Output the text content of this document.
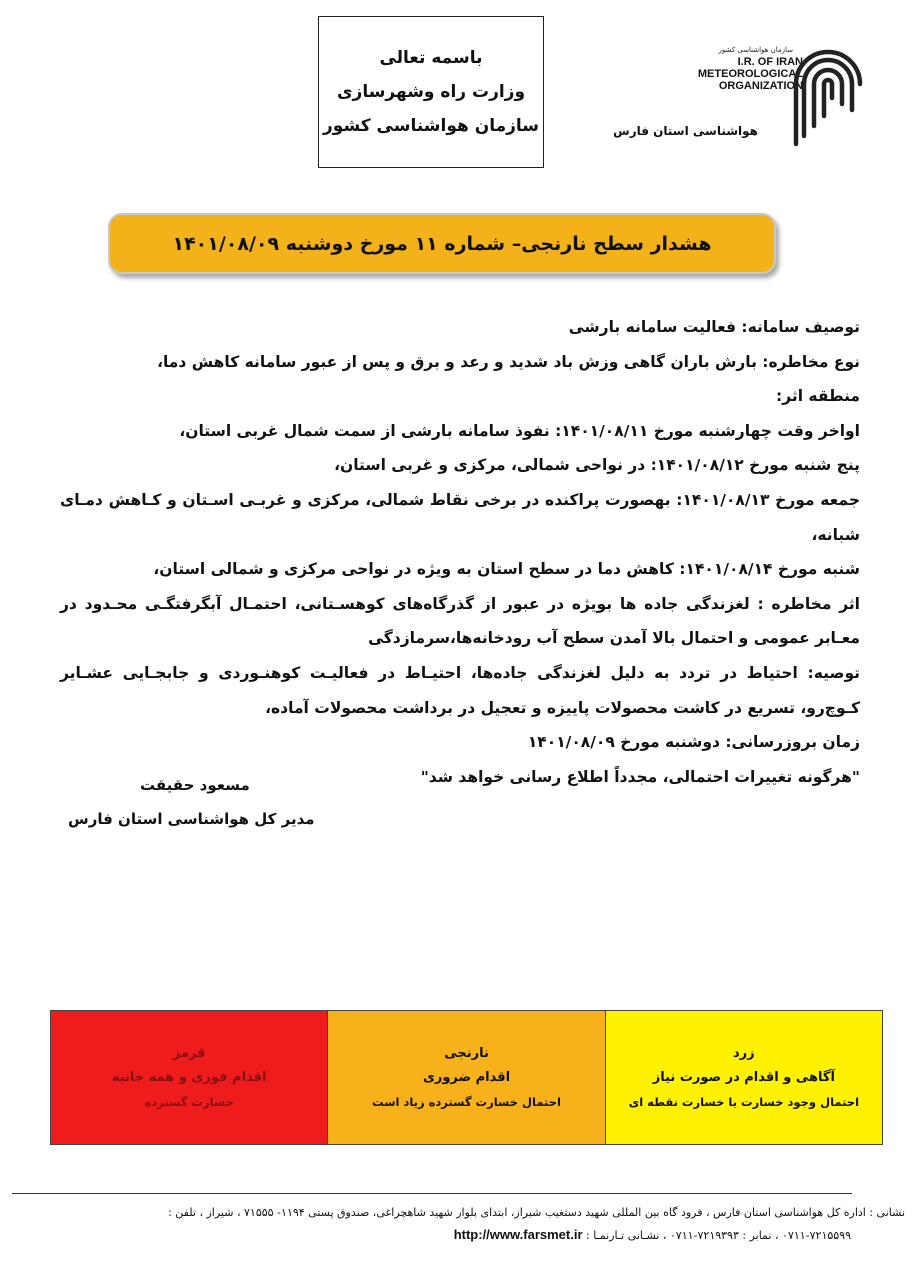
باسمه تعالی
وزارت راه وشهرسازی
سازمان هواشناسی کشور
سازمان هواشناسی کشور
I.R. OF IRAN
METEOROLOGICAL
ORGANIZATION
هواشناسی استان فارس
هشدار سطح نارنجی– شماره ۱۱ مورخ دوشنبه ۱۴۰۱/۰۸/۰۹

توصیف سامانه: فعالیت سامانه بارشی

نوع مخاطره: بارش باران گاهی وزش باد شدید و رعد و برق و پس از عبور سامانه کاهش دما،

منطقه اثر:

اواخر وقت چهارشنبه مورخ ۱۴۰۱/۰۸/۱۱: نفوذ سامانه بارشی از سمت شمال غربی استان،

پنج شنبه مورخ ۱۴۰۱/۰۸/۱۲: در نواحی شمالی، مرکزی و غربی استان،

جمعه مورخ ۱۴۰۱/۰۸/۱۳: بهصورت پراکنده در برخی نقاط شمالی، مرکزی و غربـی اسـتان و کـاهش دمـای شبانه،

شنبه مورخ ۱۴۰۱/۰۸/۱۴: کاهش دما در سطح استان به ویژه در نواحی مرکزی و شمالی استان،

اثر مخاطره : لغزندگی جاده ها بویژه در عبور از گذرگاه‌های کوهسـتانی، احتمـال آبگرفتگـی محـدود در معـابر عمومی و احتمال بالا آمدن سطح آب رودخانه‌ها،سرمازدگی

توصیه: احتیاط در تردد به دلیل لغزندگی جاده‌ها، احتیـاط در فعالیـت کوهنـوردی و جابجـایی عشـایر کـوچ‌رو، تسریع در کاشت محصولات پاییزه و تعجیل در برداشت محصولات آماده،

زمان بروزرسانی: دوشنبه مورخ ۱۴۰۱/۰۸/۰۹

"هرگونه تغییرات احتمالی، مجدداً اطلاع رسانی خواهد شد"

مسعود حقیقت
مدیر کل هواشناسی استان فارس
زرد
آگاهی و اقدام در صورت نیاز
احتمال وجود خسارت یا خسارت نقطه ای
نارنجی
اقدام ضروری
احتمال خسارت گسترده زیاد است
قرمز
اقدام فوری و همه جانبه
خسارت گسترده
نشانی : اداره کل هواشناسی استان فارس ، فرود گاه بین المللی شهید دستغیب شیراز، ابتدای بلوار شهید شاهچراغی، صندوق پستی ۱۱۹۴- ۷۱۵۵۵ ، شیراز ، تلفن :
۰۷۱۱-۷۲۱۵۵۹۹ ، نمابر : ۷۲۱۹۳۹۳-۰۷۱۱ ، نشـانی تـارنمـا : http://www.farsmet.ir
